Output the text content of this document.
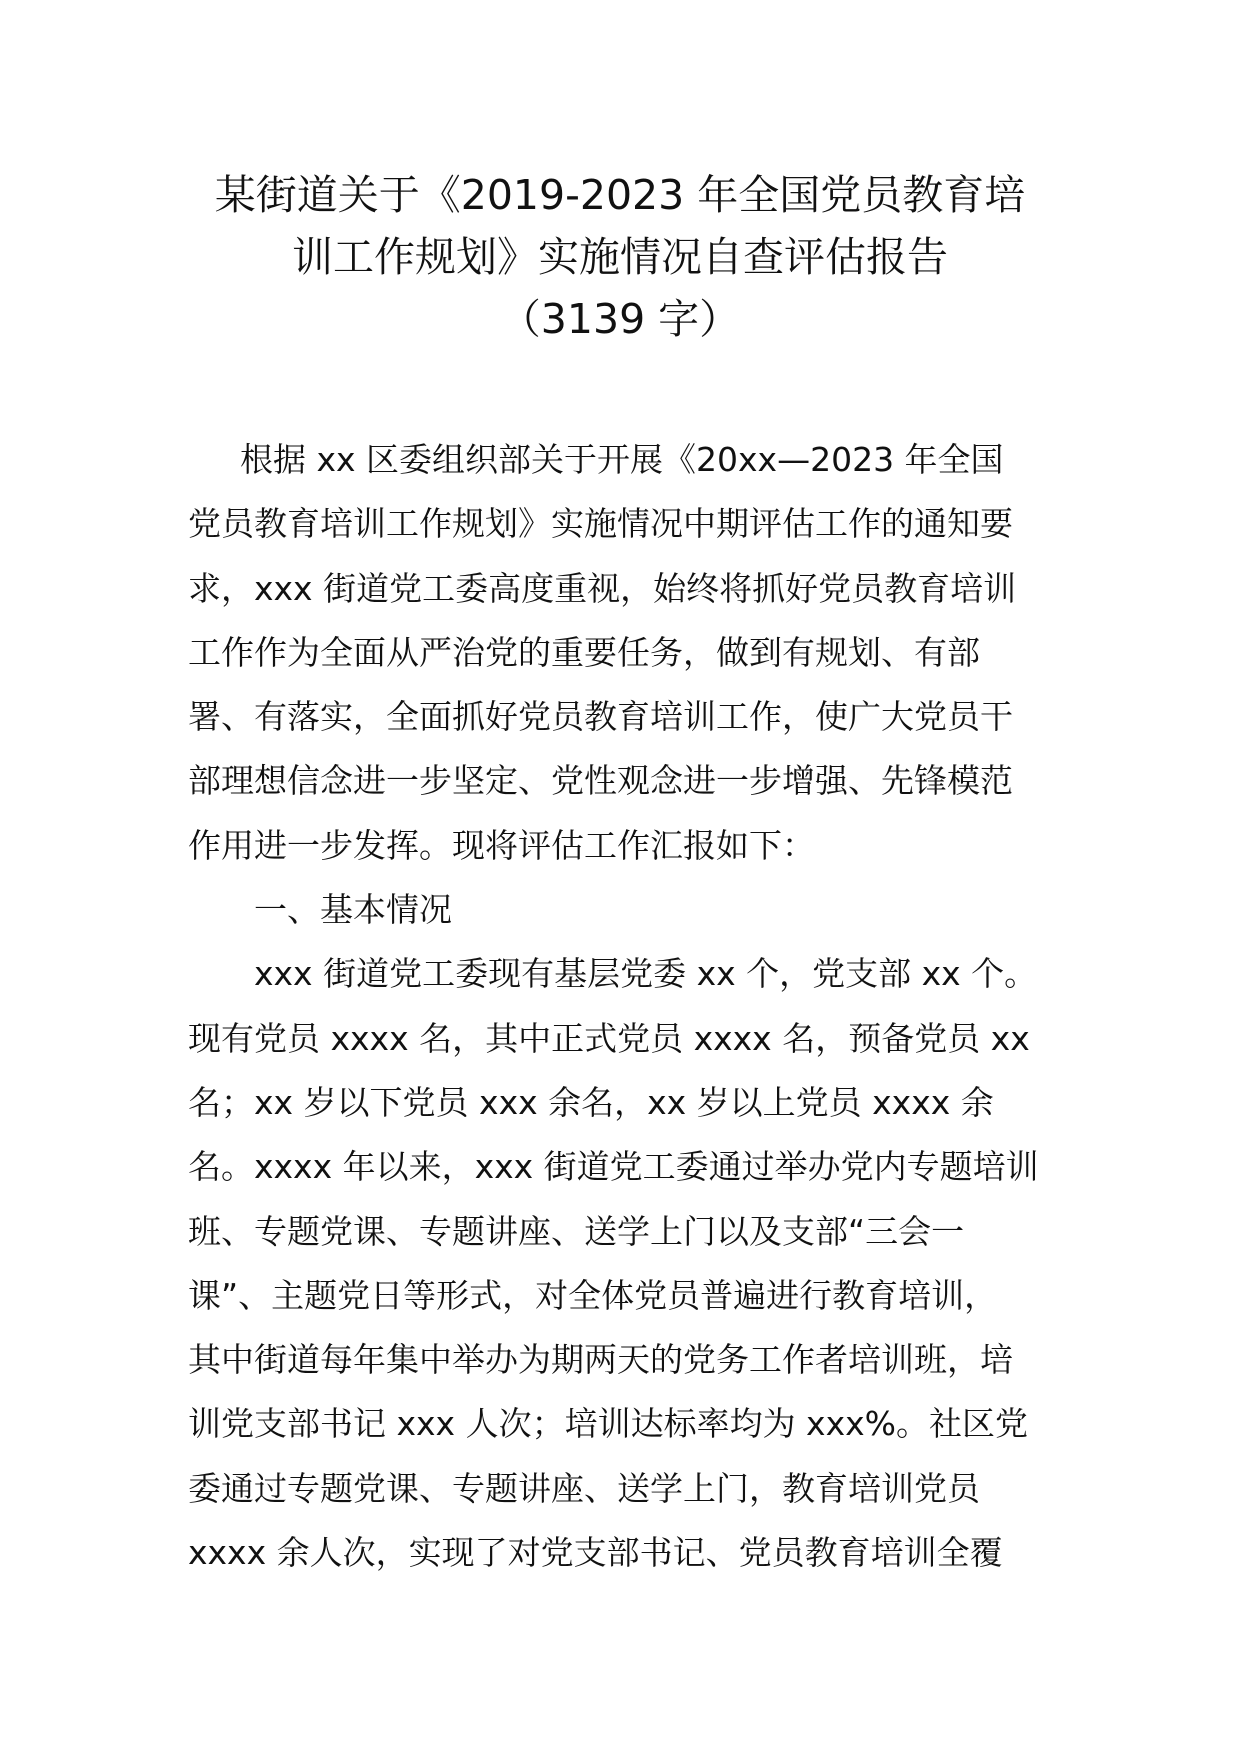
某街道关于《2019-2023 年全国党员教育培
训工作规划》实施情况自查评估报告
（3139 字）
根据 xx 区委组织部关于开展《20xx—2023 年全国
党员教育培训工作规划》实施情况中期评估工作的通知要
求，xxx 街道党工委高度重视，始终将抓好党员教育培训
工作作为全面从严治党的重要任务，做到有规划、有部
署、有落实，全面抓好党员教育培训工作，使广大党员干
部理想信念进一步坚定、党性观念进一步增强、先锋模范
作用进一步发挥。现将评估工作汇报如下：
一、基本情况
xxx 街道党工委现有基层党委 xx 个，党支部 xx 个。
现有党员 xxxx 名，其中正式党员 xxxx 名，预备党员 xx
名；xx 岁以下党员 xxx 余名，xx 岁以上党员 xxxx 余
名。xxxx 年以来，xxx 街道党工委通过举办党内专题培训
班、专题党课、专题讲座、送学上门以及支部“三会一
课”、主题党日等形式，对全体党员普遍进行教育培训，
其中街道每年集中举办为期两天的党务工作者培训班，培
训党支部书记 xxx 人次；培训达标率均为 xxx%。社区党
委通过专题党课、专题讲座、送学上门，教育培训党员
xxxx 余人次，实现了对党支部书记、党员教育培训全覆
